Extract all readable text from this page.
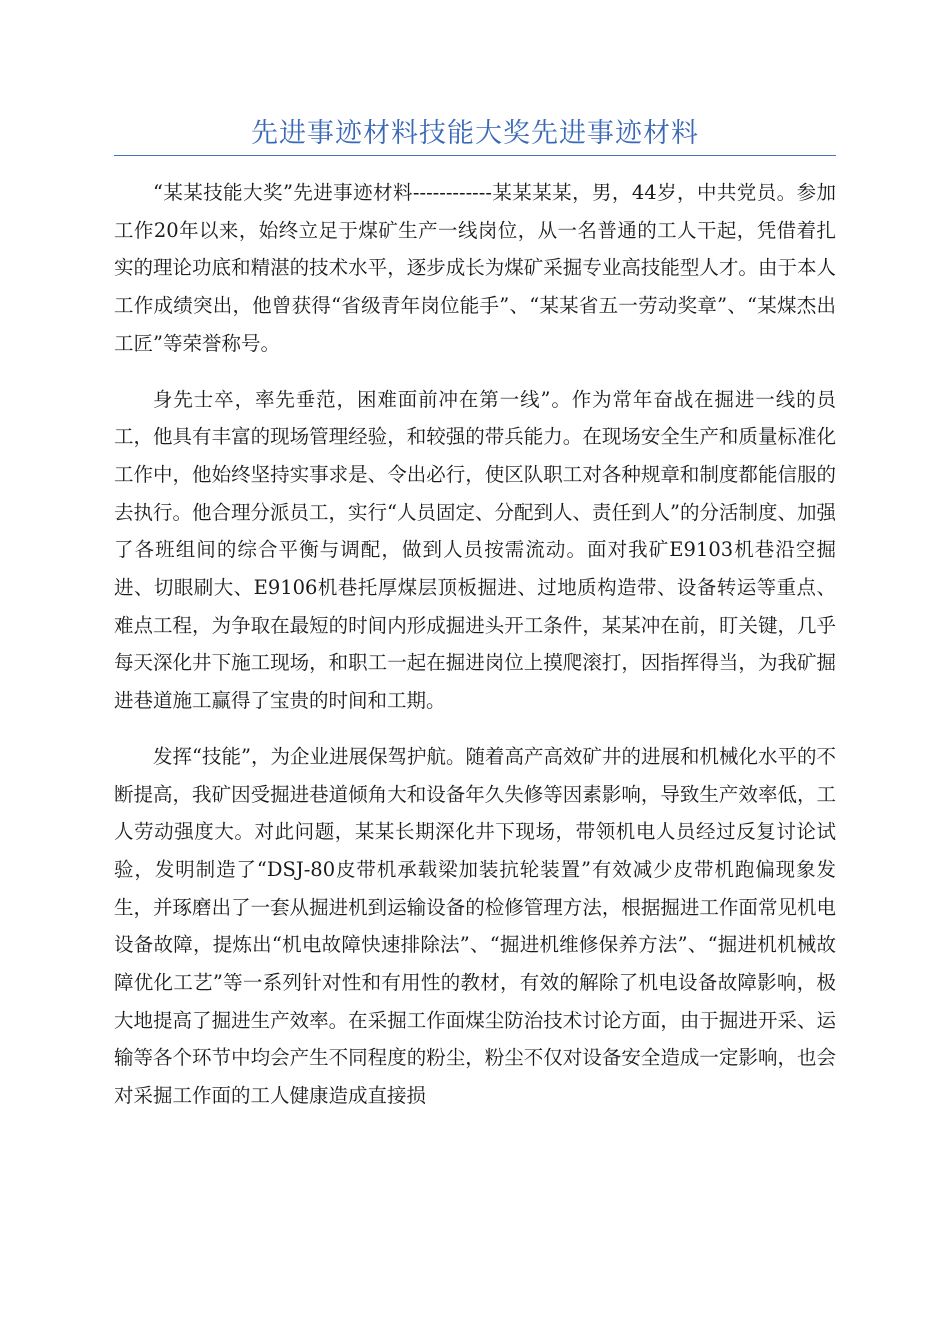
先进事迹材料技能大奖先进事迹材料

“某某技能大奖”先进事迹材料------------某某某某，男，44岁，中共党员。参加工作20年以来，始终立足于煤矿生产一线岗位，从一名普通的工人干起，凭借着扎实的理论功底和精湛的技术水平，逐步成长为煤矿采掘专业高技能型人才。由于本人工作成绩突出，他曾获得“省级青年岗位能手”、“某某省五一劳动奖章”、“某煤杰出工匠”等荣誉称号。

身先士卒，率先垂范，困难面前冲在第一线”。作为常年奋战在掘进一线的员工，他具有丰富的现场管理经验，和较强的带兵能力。在现场安全生产和质量标准化工作中，他始终坚持实事求是、令出必行，使区队职工对各种规章和制度都能信服的去执行。他合理分派员工，实行“人员固定、分配到人、责任到人”的分活制度、加强了各班组间的综合平衡与调配，做到人员按需流动。面对我矿E9103机巷沿空掘进、切眼刷大、E9106机巷托厚煤层顶板掘进、过地质构造带、设备转运等重点、难点工程，为争取在最短的时间内形成掘进头开工条件，某某冲在前，盯关键，几乎每天深化井下施工现场，和职工一起在掘进岗位上摸爬滚打，因指挥得当，为我矿掘进巷道施工赢得了宝贵的时间和工期。

发挥“技能”，为企业进展保驾护航。随着高产高效矿井的进展和机械化水平的不断提高，我矿因受掘进巷道倾角大和设备年久失修等因素影响，导致生产效率低，工人劳动强度大。对此问题，某某长期深化井下现场，带领机电人员经过反复讨论试验，发明制造了“DSJ-80皮带机承载梁加装抗轮装置”有效减少皮带机跑偏现象发生，并琢磨出了一套从掘进机到运输设备的检修管理方法，根据掘进工作面常见机电设备故障，提炼出“机电故障快速排除法”、“掘进机维修保养方法”、“掘进机机械故障优化工艺”等一系列针对性和有用性的教材，有效的解除了机电设备故障影响，极大地提高了掘进生产效率。在采掘工作面煤尘防治技术讨论方面，由于掘进开采、运输等各个环节中均会产生不同程度的粉尘，粉尘不仅对设备安全造成一定影响，也会对采掘工作面的工人健康造成直接损
